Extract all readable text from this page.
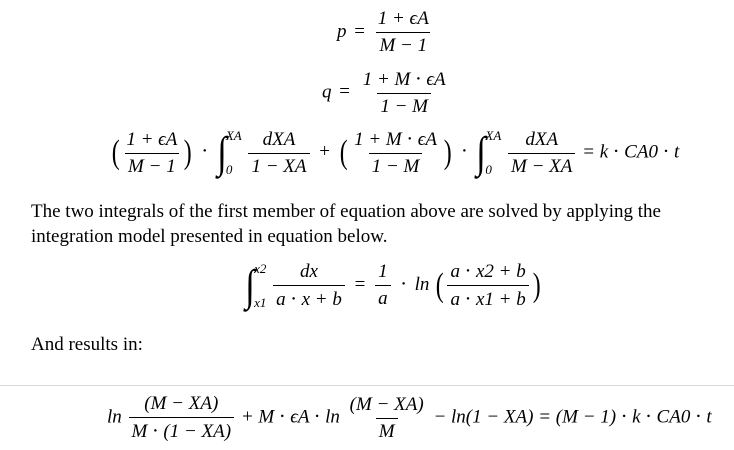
$p = \frac{1 + \epsilon A}{M - 1}$
$q = \frac{1 + M \cdot \epsilon A}{1 - M}$
( $\frac{1 + \epsilon A}{M - 1}$ ) ⋅ ∫ XA
0
$\frac{\text{dXA}}{1 - XA}$ + ( $\frac{1 + M \cdot \epsilon A}{1 - M}$ ) ⋅ ∫ XA
0
$\frac{\text{dXA}}{M - XA} = k \cdot CA0 \cdot t$
The two integrals of the first member of equation above are solved by applying the integration model presented in equation below.
∫ x2
x1
$\frac{dx}{a \cdot x + b} = \frac{1}{a} \cdot \ln$ ( $\frac{a \cdot x2 + b}{a \cdot x1 + b}$ )
And results in:
$\ln \frac{(M - XA)}{M \cdot (1 - XA)} + M \cdot \epsilon A \cdot \ln \frac{(M - XA)}{M} - \ln(1 - XA) = (M - 1) \cdot k \cdot CA0 \cdot t$
